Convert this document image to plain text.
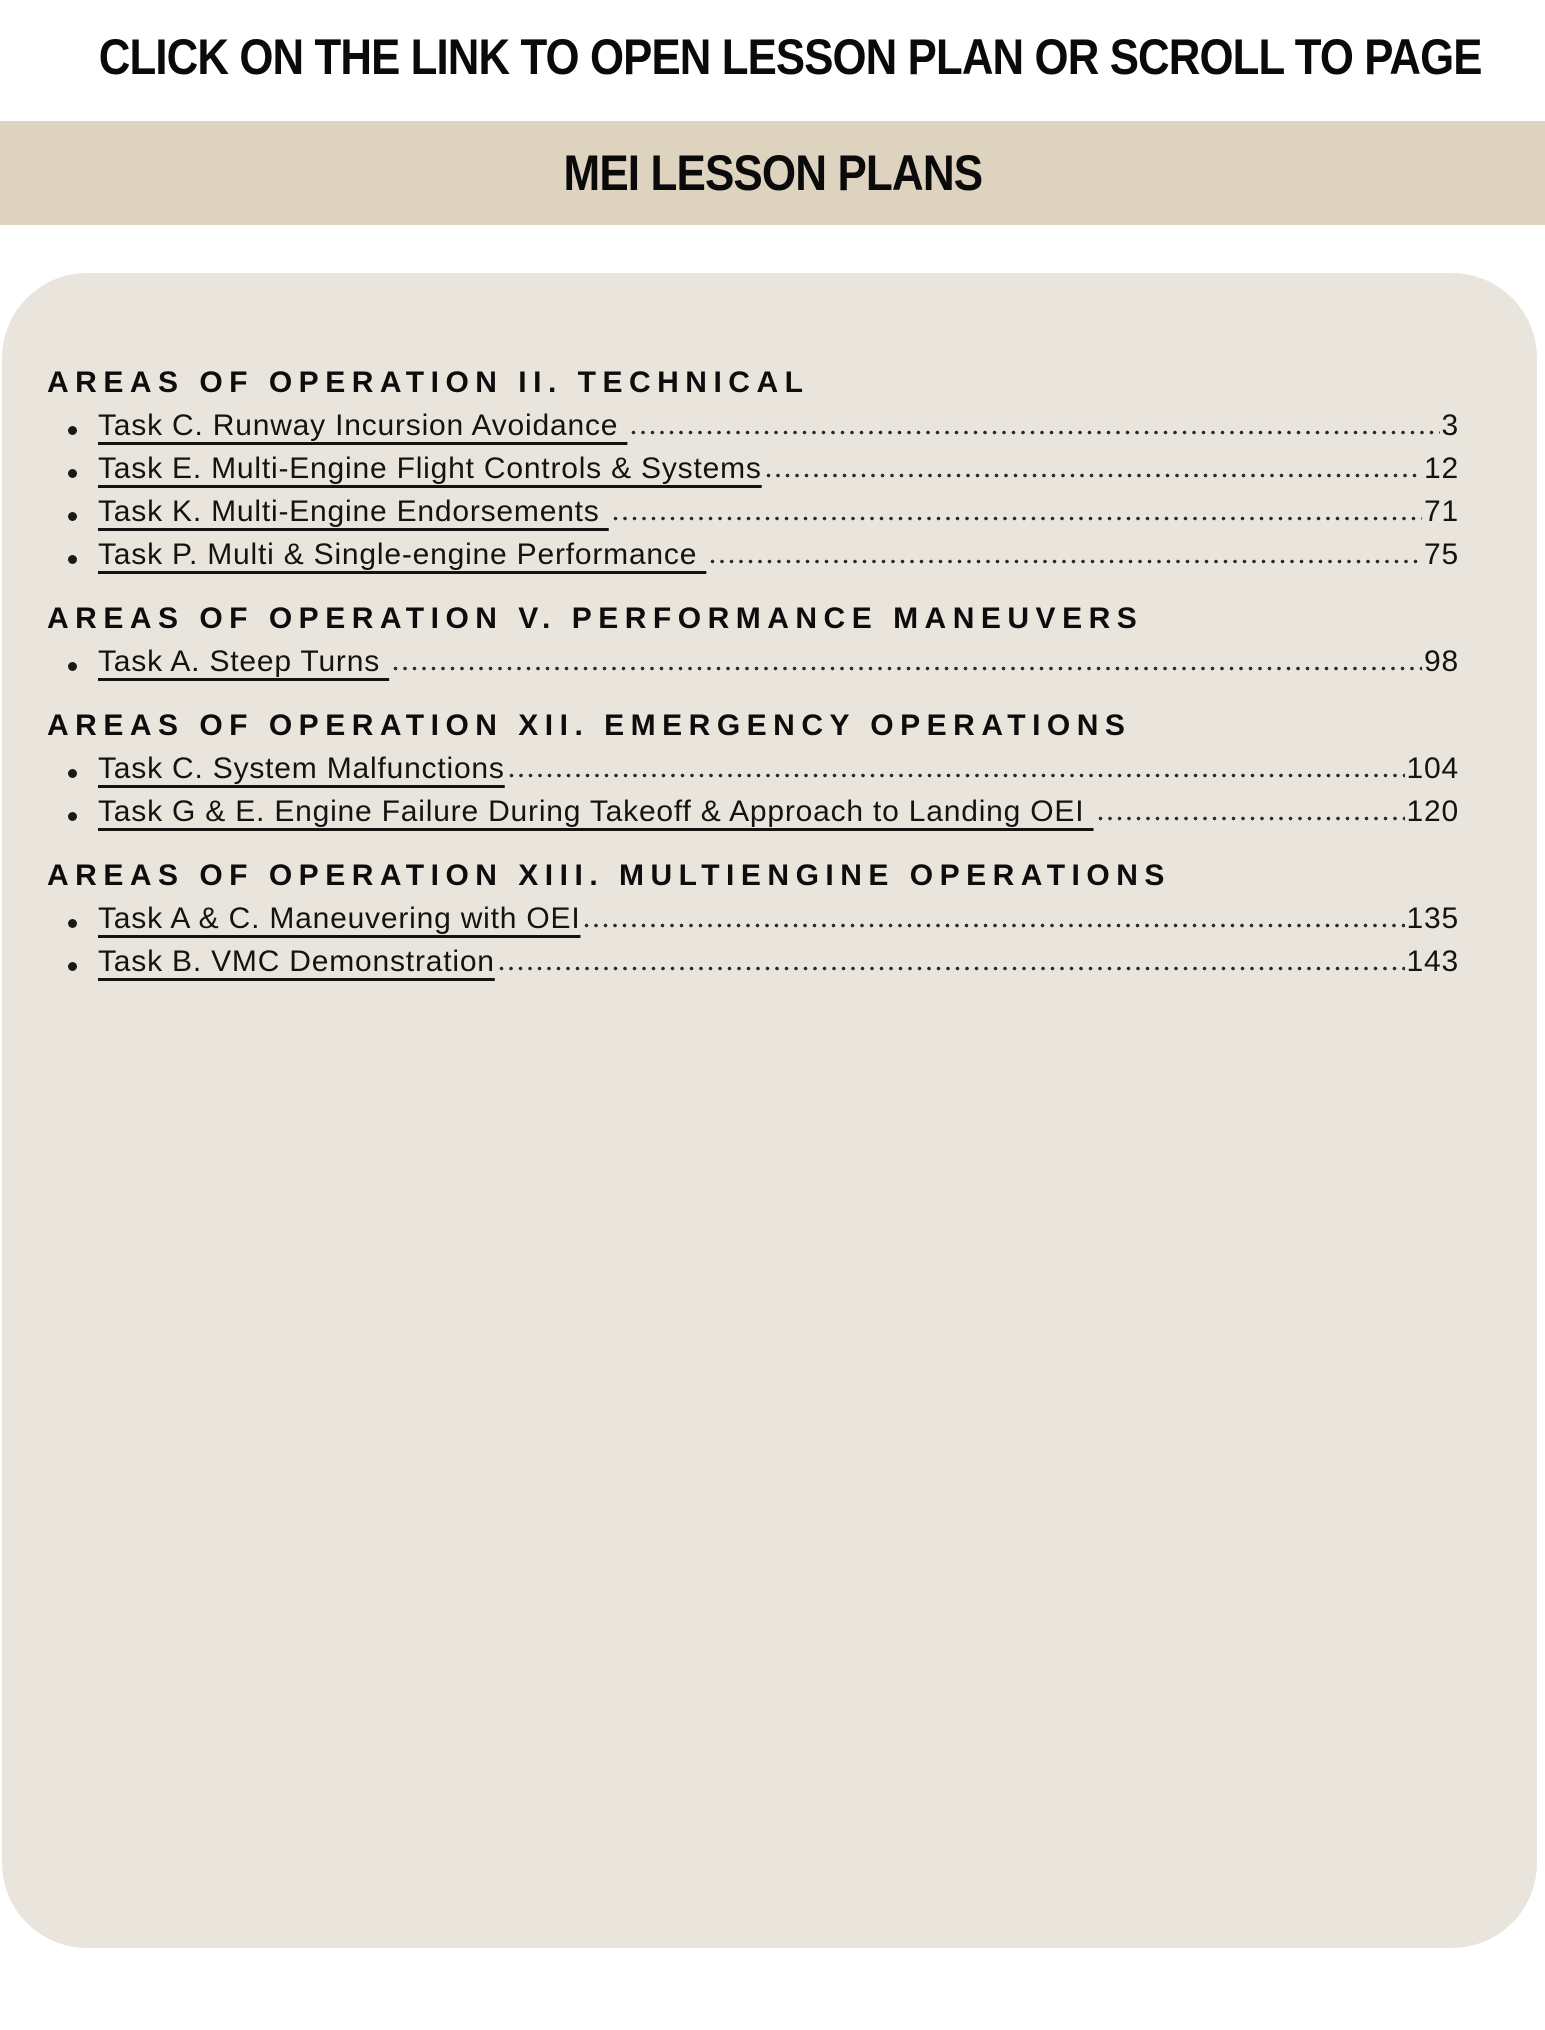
CLICK ON THE LINK TO OPEN LESSON PLAN OR SCROLL TO PAGE
MEI LESSON PLANS
AREAS OF OPERATION II. TECHNICAL
Task C. Runway Incursion Avoidance	3
Task E. Multi-Engine Flight Controls & Systems	12
Task K. Multi-Engine Endorsements	71
Task P. Multi & Single-engine Performance	75
AREAS OF OPERATION V. PERFORMANCE MANEUVERS
Task A. Steep Turns	98
AREAS OF OPERATION XII. EMERGENCY OPERATIONS
Task C. System Malfunctions	104
Task G & E. Engine Failure During Takeoff & Approach to Landing OEI	120
AREAS OF OPERATION XIII. MULTIENGINE OPERATIONS
Task A & C. Maneuvering with OEI	135
Task B. VMC Demonstration	143
